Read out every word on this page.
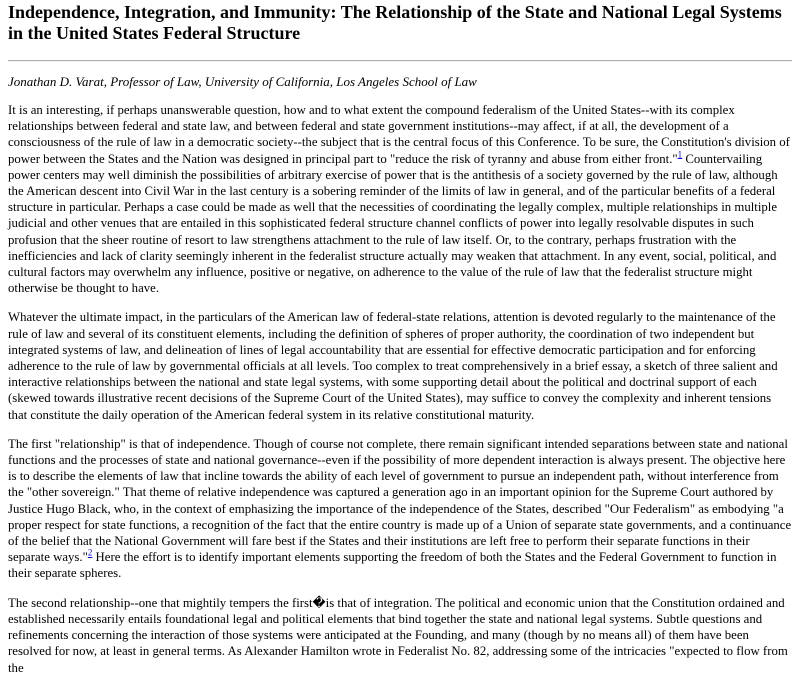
Independence, Integration, and Immunity: The Relationship of the State and National Legal Systems in the United States Federal Structure
Jonathan D. Varat, Professor of Law, University of California, Los Angeles School of Law

It is an interesting, if perhaps unanswerable question, how and to what extent the compound federalism of the United States--with its complex relationships between federal and state law, and between federal and state government institutions--may affect, if at all, the development of a consciousness of the rule of law in a democratic society--the subject that is the central focus of this Conference. To be sure, the Constitution's division of power between the States and the Nation was designed in principal part to "reduce the risk of tyranny and abuse from either front."$^1$ Countervailing power centers may well diminish the possibilities of arbitrary exercise of power that is the antithesis of a society governed by the rule of law, although the American descent into Civil War in the last century is a sobering reminder of the limits of law in general, and of the particular benefits of a federal structure in particular. Perhaps a case could be made as well that the necessities of coordinating the legally complex, multiple relationships in multiple judicial and other venues that are entailed in this sophisticated federal structure channel conflicts of power into legally resolvable disputes in such profusion that the sheer routine of resort to law strengthens attachment to the rule of law itself. Or, to the contrary, perhaps frustration with the inefficiencies and lack of clarity seemingly inherent in the federalist structure actually may weaken that attachment. In any event, social, political, and cultural factors may overwhelm any influence, positive or negative, on adherence to the value of the rule of law that the federalist structure might otherwise be thought to have.

Whatever the ultimate impact, in the particulars of the American law of federal-state relations, attention is devoted regularly to the maintenance of the rule of law and several of its constituent elements, including the definition of spheres of proper authority, the coordination of two independent but integrated systems of law, and delineation of lines of legal accountability that are essential for effective democratic participation and for enforcing adherence to the rule of law by governmental officials at all levels. Too complex to treat comprehensively in a brief essay, a sketch of three salient and interactive relationships between the national and state legal systems, with some supporting detail about the political and doctrinal support of each (skewed towards illustrative recent decisions of the Supreme Court of the United States), may suffice to convey the complexity and inherent tensions that constitute the daily operation of the American federal system in its relative constitutional maturity.

The first "relationship" is that of independence. Though of course not complete, there remain significant intended separations between state and national functions and the processes of state and national governance--even if the possibility of more dependent interaction is always present. The objective here is to describe the elements of law that incline towards the ability of each level of government to pursue an independent path, without interference from the "other sovereign." That theme of relative independence was captured a generation ago in an important opinion for the Supreme Court authored by Justice Hugo Black, who, in the context of emphasizing the importance of the independence of the States, described "Our Federalism" as embodying "a proper respect for state functions, a recognition of the fact that the entire country is made up of a Union of separate state governments, and a continuance of the belief that the National Government will fare best if the States and their institutions are left free to perform their separate functions in their separate ways."$^2$ Here the effort is to identify important elements supporting the freedom of both the States and the Federal Government to function in their separate spheres.

The second relationship--one that mightily tempers the first�is that of integration. The political and economic union that the Constitution ordained and established necessarily entails foundational legal and political elements that bind together the state and national legal systems. Subtle questions and refinements concerning the interaction of those systems were anticipated at the Founding, and many (though by no means all) of them have been resolved for now, at least in general terms. As Alexander Hamilton wrote in Federalist No. 82, addressing some of the intricacies "expected to flow from the
